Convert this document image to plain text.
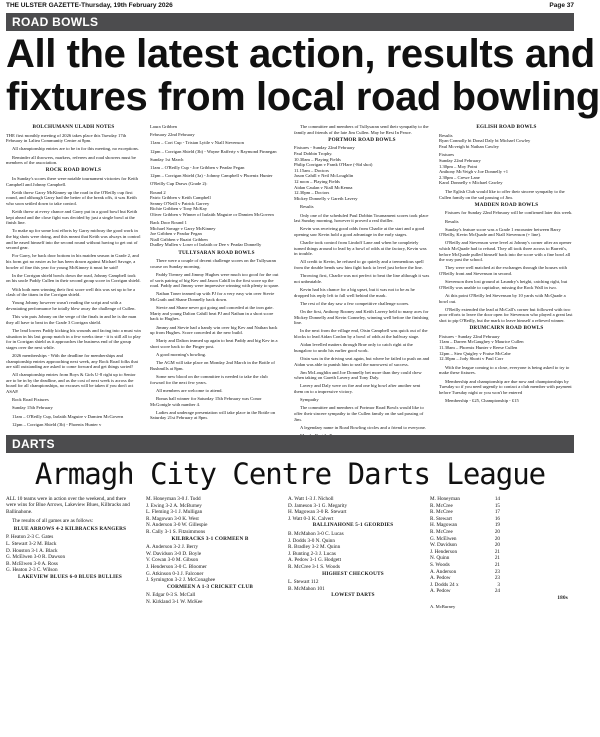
THE ULSTER GAZETTE-Thursday, 19th February 2026	Page 37
ROAD BOWLS
All the latest action, results and
fixtures from local road bowling
BOLCHUMANN ULADH NOTES

THE first monthly meeting of 2026 takes place this Tuesday 17th February in Laltea Community Centre at 8pm.

All championship entries are to be in for this meeting, no exceptions.

Reminder all throwers, markers, referees and road showers must be members of the association.

ROCK ROAD BOWLS

In Sunday's scores there were notable tournament victories for Keith Campbell and Johnny Campbell.

Keith threw Garry McKinney up the road in the O'Reilly cup first round, and although Garry had the better of the break offs, it was Keith who soon settled down to take control.

Keith threw at every chance and Garry put in a good bowl but Keith kept ahead and the close fight was decided by just a single bowl at the finish line.

To make up for some lost efforts by Garry midway the good work in the big shots were doing, and this meant that Keith was always in control and he eased himself into the second round without having to get out of second gear.

For Garry, he back door bottom in his maiden season in Grade 2, and his form got no easier as he has been drawn against Michael Savage, a bowler of fine this year for young McKinney it must be said!

In the Corrigan shield bowls down the road, Johnny Campbell took on his uncle Paddy Cullen in their second group score in Corrigan shield.

With both men winning their first score well this was set up to be a clash of the titans in the Corrigan shield.

Young Johnny however wasn't reading the script and with a devastating performance he totally blew away the challenge of Cullen.

This win puts Johnny on the verge of the finals in and he is the man they all have to beat in the Grade 3 Corrigan shield.

The lead lowers Paddy kicking his wounds and facing into a must win situation in his last group match in a few weeks time - it is still all to play for in Corrigan shield as it approaches the business end of the group stages over the next while.

2026 memberships - With the deadline for memberships and championship entries approaching next week, any Rock Road folks that are still outstanding are asked to come forward and get things sorted!

All championship entries from Boys & Girls U-8 right up to Senior are to be in by the deadline, and as the cost of next week is across the board for all championships, no excuses will be taken if you don't act ASAP.

Rock Road Fixtures

Sunday 15th February

11am – O'Reilly Cup, Iarlaith Maguire v Damien McGovern

12pm – Corrigan Shield (3b) - Phoenix Hunter v

Laura Gribben

February 22nd February

11am – Cort Cup - Tristan Lyttle v Niall Stevenson

12pm – Corrigan Shield (3b) - Wayne Rafferty v Raymond Finnegan

Sunday 1st March

11am – O'Reilly Cup - Joe Gribben v Peadar Fegan

12pm – Corrigan Shield (3a) - Johnny Campbell v Phoenix Hunter

O'Reilly Cup Draws (Grade 2):

Round 2
Patric Gribben v Keith Campbell
Seamy O'Neill v Patrick Garvey
Richie Gribben v Tony McKay

Oliver Gribben v Winner of Iarlaith Maguire or Damien McGovern

Back Door Round 1
Michael Savage v Garry McKinney
Joe Gribben v Peadar Fegan
Niall Gribben v Ruairi Gribben

Dudley Mullen v Loser of Iarlaith or Dee v Peadar Donnelly

TULLYSARAN ROAD BOWLS

There were a couple of decent challenge scores on the Tullysaran course on Sunday morning.

Paddy Tierney and Jimmy Hughes were much too good for the out of sorts pairing of big Kev and Jason Cahill in the first score up the road. Paddy and Jimmy were impressive winning with plenty to spare.

Nathan Toner teamed up with PJ for a very easy win over Stevie McGrath and Shane Donnelly back down.

Stevie and Shane never got going and conceded at the iron gate. Marty and young Dalton Cahill beat PJ and Nathan in a short score back to Hughes.

Jimmy and Stevie had a handy win over big Kev and Nathan back up from Hughes. Score conceded at the new build.

Marty and Dalton teamed up again to beat Paddy and big Kev in a short score back to the Finger post.

A good morning's bowling.

The AGM will take place on Monday 2nd March in the Bottle of Bushmills at 8pm.

Some new blood on the committee is needed to take the club forward for the next few years.

All members are welcome to attend.

Bonus ball winner for Saturday 15th February was Conor McGonigle with number 4.

Ladies and underage presentation will take place in the Bottle on Saturday 21st February at 8pm.

The committee and members of Tullysaran send their sympathy to the family and friends of the late Jim Cullen. May he Rest In Peace.

PORTMOR ROAD BOWLS
Fixtures - Sunday 22nd February
Paul Dobbin Trophy.
10.30am – Playing Fields
Philip Corrigan v Frank O'Hare (-8td shot)
11.15am – Doctors
Jason Cahill v Neil McLoughlin
12 noon – Playing Fields
Aidan Caulan v Niall McKenna
12.30pm – Doctors
Mickey Donnelly v Gareth Lavery

Results

Only one of the scheduled Paul Dobbin Tournament scores took place last Sunday morning, however it proved a real thriller.

Kevin was receiving good odds from Charlie at the start and a good opening saw Kevin hold a good advantage in the early stages.

Charlie took control from Lindoff Lane and when he completely turned things around to lead by a bowl of odds at the factory, Kevin was in trouble.

All credit to Kevin, he refused to go quietly and a tremendous spell from the double bends saw him fight back to level just before the line.

Throwing first, Charlie was not perfect to beat the line although it was not unbeatable.

Kevin had his chance for a big upset, but it was not to be as he dropped his reply left to fall well behind the mark.

The rest of the day saw a few competitive challenge scores.

On the first, Anthony Rooney and Keith Lavery held to many aces for Mickey Donnelly and Kevin Conneley, winning well before the finishing line.

In the next from the village end, Oisin Campbell was quick out of the blocks to lead Aidan Conlon by a bowl of odds at the halfway stage.

Aidan levelled matters through Brae only to catch right at the bungalow to undo his earlier good work.

Oisin was in the driving seat again, but where he failed to push on and Aidan was able to punish him to seal the narrowest of success.

Jim McLoughlin and Joe Donnelly bet more than they could chew when taking on Gareth Lavery and Tony Daly.

Lavery and Daly were on fire and one big bowl after another sent them on to a impressive victory.

Sympathy

The committee and members of Portmor Road Bowls would like to offer their sincere sympathy to the Cullen family on the sad passing of Jim.

A legendary name in Road Bowling circles and a friend to everyone.

EGLISH ROAD BOWLS
Results
Ryan Connolly bt Donal Daly bt Michael Cowley
Paul Mcveigh bt Nathan Cawley
Fixtures
Sunday 22nd February
1.30pm – Moy Point
Anthony McVeigh v Joe Donnelly +1
2.30pm – Crewe Lane
Karol Donnelly v Michael Cawley

The Eglish Club would like to offer their sincere sympathy to the Cullen family on the sad passing of Jim.

MADDEN ROAD BOWLS

Fixtures for Sunday 22nd February will be confirmed later this week.

Results

Sunday's feature score was a Grade 1 encounter between Barry O'Reilly, Kevin McQuade and Niall Stevenson (+ line).

O'Reilly and Stevenson were level at Johnny's corner after an opener which McQuade had to refund. They all took three across to Barrett's, before McQuade pulled himself back into the score with a fine bowl all the way past the school.

They were well matched at the exchanges through the houses with O'Reilly front and Stevenson in second.

Stevenson then lost ground at Laundry's height, catching right, but O'Reilly was unable to capitalise, missing the Rock Wall in two.

At this point O'Reilly led Stevenson by 10 yards with McQuade a bowl out.

O'Reilly extended the lead at McCall's corner but followed with two poor efforts to leave the door open for Stevenson who played a great last shot to pip O'Reilly, but the mark to leave himself a relieved winner.

DRUMCAIRN ROAD BOWLS
Fixtures - Sunday 22nd February
11am – Darren McGaughey v Maurice Cullen
11.30am – Phoenix Hunter v Reese Cullen
12pm – Steo Quigley v Fraise McCabe
12.30pm – Jody Shortt v Paul Corr

With the league coming to a close, everyone is being asked to try to make these fixtures.

Membership and championship are due now and championships by Tuesday so if you need urgently to contact a club member with payment before Tuesday night or you won't be entered

Membership - £25, Championship - £15

DARTS
Armagh City Centre Darts League

ALL 10 teams were in action over the weekend, and there were wins for Blue Arrows, Lakeview Blues, Kilbracks and Ballinahone.

The results of all games are as follows:

BLUE ARROWS 4-2 KILBRACKS RANGERS
P. Heaton 2-3 C. Gates
L. Stewart 3-2 M. Black
D. Houston 3-1 A. Black
G. McElwen 3-0 R. Dawson
B. McElwen 3-0 A. Ross
G. Heaton 2-3 C. Wilson
LAKEVIEW BLUES 6-0 BLUES BULLIES
M. Honeyman 3-0 J. Todd
J. Ewing 3-2 A. McBurney
L. Fleming 3-1 J. Mulligan
R. Magowan 3-0 K. West
N. Anderson 3-0 W. Gillespie
R. Cally 3-1 S. Fitzsimmons
KILBRACKS 3-1 CORMEEN B
A. Anderson 3-2 J. Berry
W. Davidson 3-0 D. Boyle
V. Cowan 3-0 M. Gibson
J. Henderson 3-0 C. Bloomer
G. Atkinson 0-3 J. Falconer
J. Symington 3-2 J. McConaghee
CORMEEN A 1-3 CRICKET CLUB
N. Edgar 0-3 S. McCall
N. Kirkland 3-1 W. McKee
A. Watt 1-3 J. Nicholl
D. Jameson 3-1 G. Megarity
H. Magowan 3-0 R. Stewart
J. Watt 0-3 K. Calvert
BALLINAHONE 5-1 GEORDIES
B. McMahon 3-0 C. Lucas
J. Dodds 3-0 N. Quinn
R. Bradley 3-2 M. Quinn
J. Bunting 2-3 J. Lucas
A. Pedow 3-1 G. Hodgett
R. McCree 3-1 S. Woods
HIGHEST CHECKOUTS
L. Stewart 112
B. McMahon 101
LOWEST DARTS
M. Honeyman	14
R. McCree	15
R. McCree	17
R. Stewart	16
H. Magowan	19
R. McCree	20
G. McElwen	20
W. Davidson	20
J. Henderson	21
N. Quinn	21
S. Woods	21
A. Anderson	23
A. Pedow	23
J. Dodds 24 x	3
A. Pedow	24
180s
A. McBurney
